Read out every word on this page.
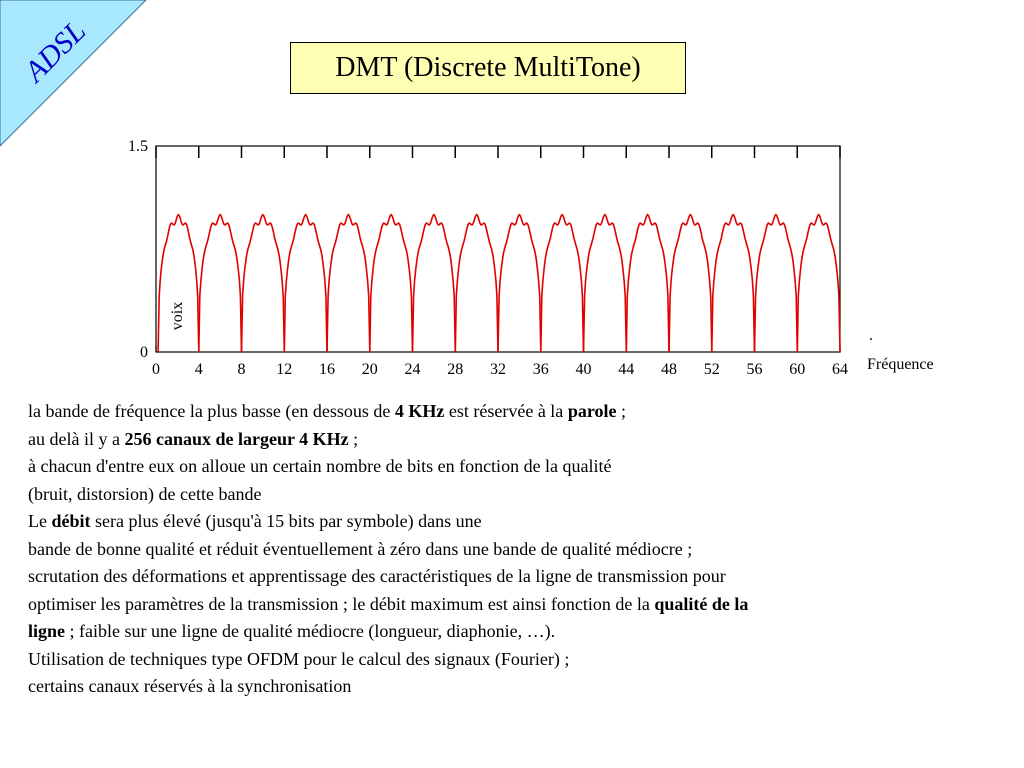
ADSL	DMT (Discrete MultiTone)
0 4 8 12 16 20 24 28 32 36 40 44 48 52 56 60 64
0
1.5
voix
.
Fréquence

la bande de fréquence la plus basse (en dessous de 4 KHz est réservée à la parole ;

au delà il y a 256 canaux de largeur 4 KHz ;

à chacun d'entre eux on alloue un certain nombre de bits en fonction de la qualité

(bruit, distorsion) de cette bande

Le débit sera plus élevé (jusqu'à 15 bits par symbole) dans une

bande de bonne qualité et réduit éventuellement à zéro dans une bande de qualité médiocre ;

scrutation des déformations et apprentissage des caractéristiques de la ligne de transmission pour

optimiser les paramètres de la transmission ; le débit maximum est ainsi fonction de la qualité de la

ligne ; faible sur une ligne de qualité médiocre (longueur, diaphonie, …).

Utilisation de techniques type OFDM pour le calcul des signaux (Fourier) ;

certains canaux réservés à la synchronisation
